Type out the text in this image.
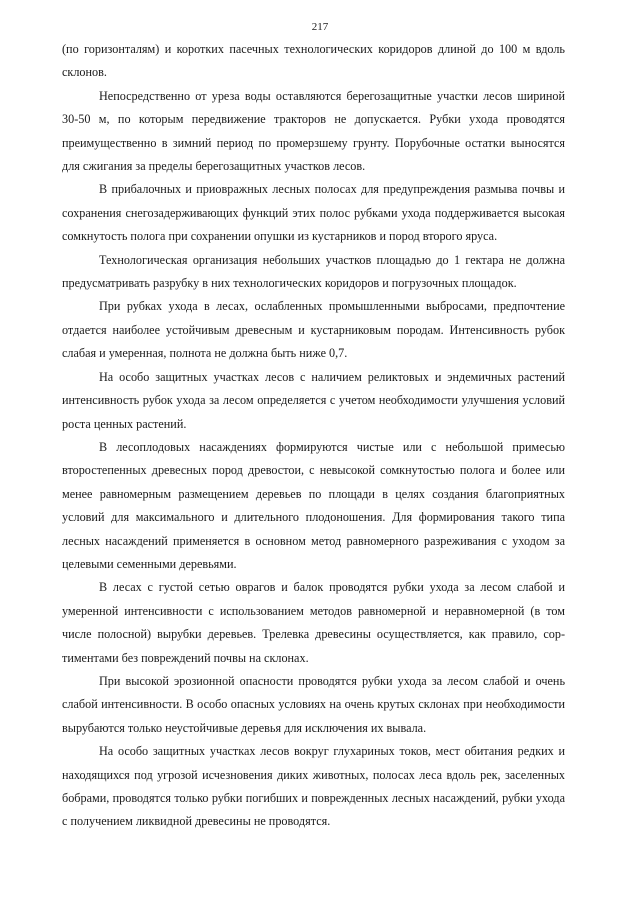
217

(по горизонталям) и коротких пасечных технологических коридоров длиной до 100 м вдоль склонов.

Непосредственно от уреза воды оставляются берегозащитные участки лесов шириной 30-50 м, по которым передвижение тракторов не допускается. Рубки ухода проводятся преимущественно в зимний период по промерзшему грунту. Порубочные остатки выносятся для сжигания за пределы берегозащитных участков лесов.

В прибалочных и приовражных лесных полосах для предупреждения размыва почвы и сохранения снегозадерживающих функций этих полос рубками ухода поддерживается высокая сомкнутость полога при сохранении опушки из кустарников и пород второго яруса.

Технологическая организация небольших участков площадью до 1 гектара не должна предусматривать разрубку в них технологических коридоров и погрузочных площадок.

При рубках ухода в лесах, ослабленных промышленными выбросами, предпочтение отдается наиболее устойчивым древесным и кустарниковым породам. Интенсивность рубок слабая и умеренная, полнота не должна быть ниже 0,7.

На особо защитных участках лесов с наличием реликтовых и эндемичных растений интенсивность рубок ухода за лесом определяется с учетом необходимости улучшения условий роста ценных растений.

В лесоплодовых насаждениях формируются чистые или с небольшой примесью второстепенных древесных пород древостои, с невысокой сомкнутостью полога и более или менее равномерным размещением деревьев по площади в целях создания благоприятных условий для максимального и длительного плодоношения. Для формирования такого типа лесных насаждений применяется в основном метод равномерного разреживания с уходом за целевыми семенными деревьями.

В лесах с густой сетью оврагов и балок проводятся рубки ухода за лесом слабой и умеренной интенсивности с использованием методов равномерной и неравномерной (в том числе полосной) вырубки деревьев. Трелевка древесины осуществляется, как правило, сортиментами без повреждений почвы на склонах.

При высокой эрозионной опасности проводятся рубки ухода за лесом слабой и очень слабой интенсивности. В особо опасных условиях на очень крутых склонах при необходимости вырубаются только неустойчивые деревья для исключения их вывала.

На особо защитных участках лесов вокруг глухариных токов, мест обитания редких и находящихся под угрозой исчезновения диких животных, полосах леса вдоль рек, заселенных бобрами, проводятся только рубки погибших и поврежденных лесных насаждений, рубки ухода с получением ликвидной древесины не проводятся.
